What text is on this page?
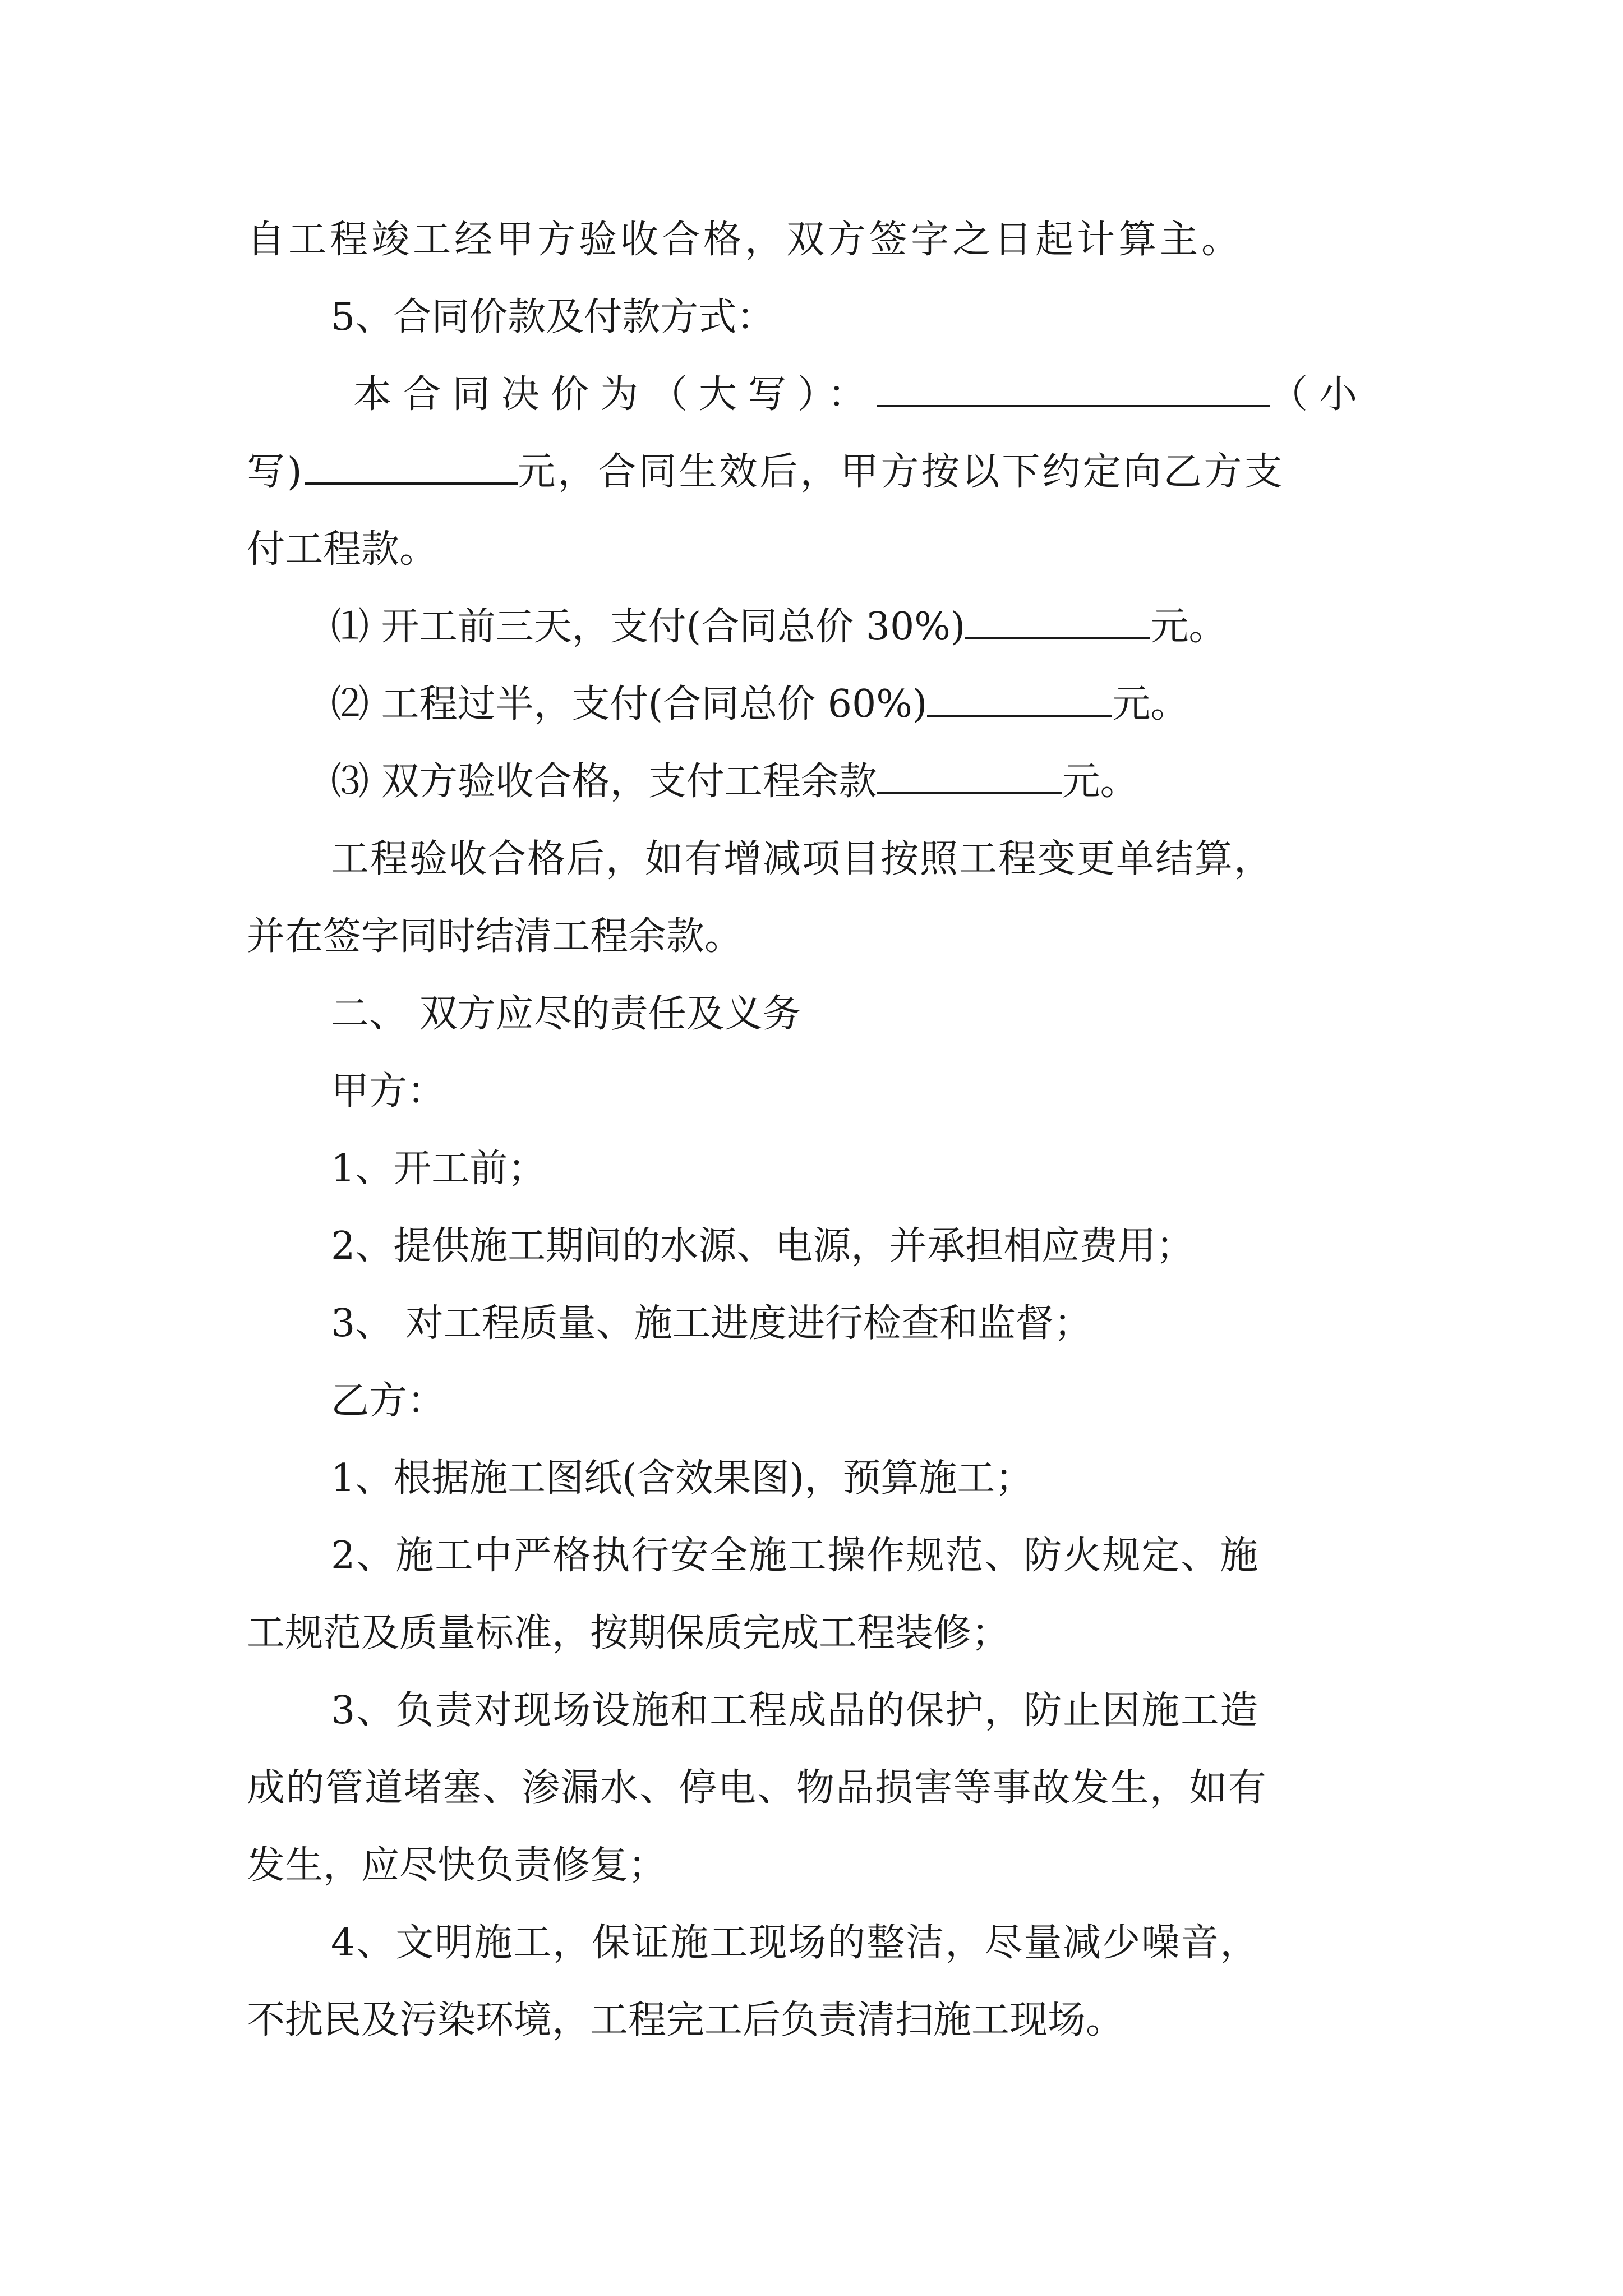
自工程竣工经甲方验收合格，双方签字之日起计算主。
5、合同价款及付款方式：
本合同决价为（大写）：	（小
写)	元，合同生效后，甲方按以下约定向乙方支
付工程款。
⑴ 开工前三天，支付(合同总价 30%)	元。
⑵ 工程过半，支付(合同总价 60%)	元。
⑶ 双方验收合格，支付工程余款	元。
工程验收合格后，如有增减项目按照工程变更单结算，
并在签字同时结清工程余款。
二、 双方应尽的责任及义务
甲方：
1、开工前；
2、提供施工期间的水源、电源，并承担相应费用；
3、 对工程质量、施工进度进行检查和监督；
乙方：
1、根据施工图纸(含效果图)，预算施工；
2、施工中严格执行安全施工操作规范、防火规定、施
工规范及质量标准，按期保质完成工程装修；
3、负责对现场设施和工程成品的保护，防止因施工造
成的管道堵塞、渗漏水、停电、物品损害等事故发生，如有
发生，应尽快负责修复；
4、文明施工，保证施工现场的整洁，尽量减少噪音，
不扰民及污染环境，工程完工后负责清扫施工现场。
